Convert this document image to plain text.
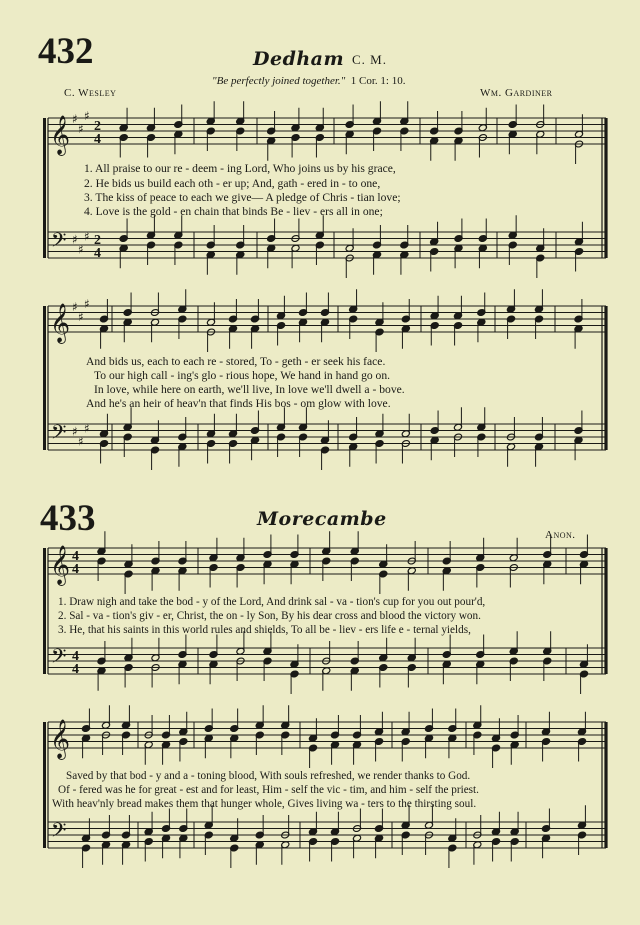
432	Dedham C. M.
"Be perfectly joined together." 1 Cor. 1: 10.
C. Wesley	Wm. Gardiner
433	Morecambe
Anon.
𝄞
𝄢
♯
♯
♯
♯
♯
♯
2
4
2
4
𝄞
𝄢
♯
♯
♯
♯
♯
♯
𝄞
𝄢
4
4
4
4
𝄞
𝄢
1. All praise to our re - deem - ing Lord, Who joins us by his grace,
2. He bids us build each oth - er up; And, gath - ered in - to one,
3. The kiss of peace to each we give— A pledge of Chris - tian love;
4. Love is the gold - en chain that binds Be - liev - ers all in one;
And bids us, each to each re - stored, To - geth - er seek his face.
To our high call - ing's glo - rious hope, We hand in hand go on.
In love, while here on earth, we'll live, In love we'll dwell a - bove.
And he's an heir of heav'n that finds His bos - om glow with love.
1. Draw nigh and take the bod - y of the Lord, And drink sal - va - tion's cup for you out pour'd,
2. Sal - va - tion's giv - er, Christ, the on - ly Son, By his dear cross and blood the victory won.
3. He, that his saints in this world rules and shields, To all be - liev - ers life e - ternal yields,
Saved by that bod - y and a - toning blood, With souls refreshed, we render thanks to God.
Of - fered was he for great - est and for least, Him - self the vic - tim, and him - self the priest.
With heav'nly bread makes them that hunger whole, Gives living wa - ters to the thirsting soul.
